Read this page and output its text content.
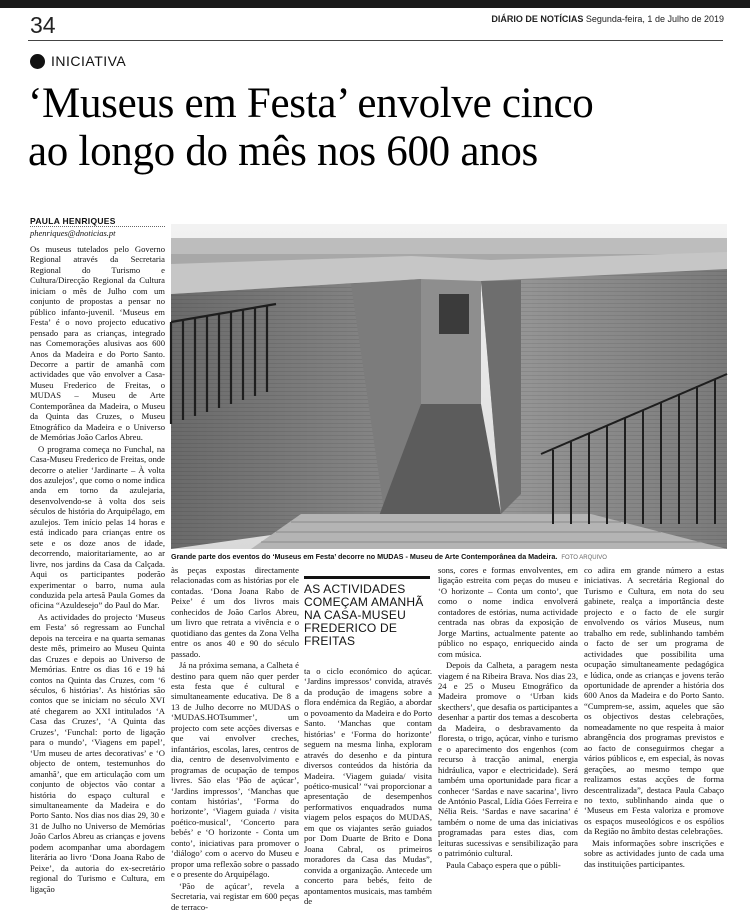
34	DIÁRIO DE NOTÍCIAS Segunda-feira, 1 de Julho de 2019
INICIATIVA
‘Museus em Festa’ envolve cinco
ao longo do mês nos 600 anos
PAULA HENRIQUES
phenriques@dnoticias.pt

Os museus tutelados pelo Governo Regional através da Secretaria Regional do Turismo e Cultura/Direcção Regional da Cultura iniciam o mês de Julho com um conjunto de propostas a pensar no público infanto-juvenil. ‘Museus em Festa’ é o novo projecto educativo pensado para as crianças, integrado nas Comemorações alusivas aos 600 Anos da Madeira e do Porto Santo. Decorre a partir de amanhã com actividades que vão envolver a Casa-Museu Frederico de Freitas, o MUDAS – Museu de Arte Contemporânea da Madeira, o Museu da Quinta das Cruzes, o Museu Etnográfico da Madeira e o Universo de Memórias João Carlos Abreu.

O programa começa no Funchal, na Casa-Museu Frederico de Freitas, onde decorre o atelier ‘Jardinarte – À volta dos azulejos’, que como o nome indica anda em torno da azulejaria, desenvolvendo-se à volta dos seis séculos de história do Arquipélago, em azulejos. Tem início pelas 14 horas e está indicado para crianças entre os sete e os doze anos de idade, decorrendo, maioritariamente, ao ar livre, nos jardins da Casa da Calçada. Aqui os participantes poderão experimentar o barro, numa aula conduzida pela artesã Paula Gomes da oficina “Azuldesejo” do Paul do Mar.

As actividades do projecto ‘Museus em Festa’ só regressam ao Funchal depois na terceira e na quarta semanas deste mês, primeiro ao Museu Quinta das Cruzes e depois ao Universo de Memórias. Entre os dias 16 e 19 há contos na Quinta das Cruzes, com ‘6 séculos, 6 histórias’. As histórias são contos que se iniciam no século XVI até chegarem ao XXI intitulados ‘A Casa das Cruzes’, ‘A Quinta das Cruzes’, ‘Funchal: porto de ligação para o mundo’, ‘Viagens em papel’, ‘Um museu de artes decorativas’ e ‘O objecto de ontem, testemunhos do amanhã’, que em articulação com um conjunto de objectos vão contar a história do espaço cultural e simultaneamente da Madeira e do Porto Santo. Nos dias nos dias 29, 30 e 31 de Julho no Universo de Memórias João Carlos Abreu as crianças e jovens podem acompanhar uma abordagem literária ao livro ‘Dona Joana Rabo de Peixe’, da autoria do ex-secretário regional do Turismo e Cultura, em ligação

Grande parte dos eventos do ‘Museus em Festa’ decorre no MUDAS - Museu de Arte Contemporânea da Madeira. FOTO ARQUIVO

às peças expostas directamente relacionadas com as histórias por ele contadas. ‘Dona Joana Rabo de Peixe’ é um dos livros mais conhecidos de João Carlos Abreu, um livro que retrata a vivência e o quotidiano das gentes da Zona Velha entre os anos 40 e 90 do século passado.

Já na próxima semana, a Calheta é destino para quem não quer perder esta festa que é cultural e simultaneamente educativa. De 8 a 13 de Julho decorre no MUDAS o ‘MUDAS.HOTsummer’, um projecto com sete acções diversas e que vai envolver creches, infantários, escolas, lares, centros de dia, centro de desenvolvimento e programas de ocupação de tempos livres. São elas ‘Pão de açúcar’, ‘Jardins impressos’, ‘Manchas que contam histórias’, ‘Forma do horizonte’, ‘Viagem guiada / visita poético-musical’, ‘Concerto para bebés’ e ‘O horizonte - Conta um conto’, iniciativas para promover o ‘diálogo’ com o acervo do Museu e propor uma reflexão sobre o passado e o presente do Arquipélago.

‘Pão de açúcar’, revela a Secretaria, vai registar em 600 peças de terraco-

AS ACTIVIDADES COMEÇAM AMANHÃ NA CASA-MUSEU FREDERICO DE FREITAS

ta o ciclo económico do açúcar. ‘Jardins impressos’ convida, através da produção de imagens sobre a flora endémica da Região, a abordar o povoamento da Madeira e do Porto Santo. ‘Manchas que contam histórias’ e ‘Forma do horizonte’ seguem na mesma linha, exploram através do desenho e da pintura diversos conteúdos da história da Madeira. ‘Viagem guiada/ visita poético-musical’ “vai proporcionar a apresentação de desempenhos performativos enquadrados numa viagem pelos espaços do MUDAS, em que os viajantes serão guiados por Dom Duarte de Brito e Dona Joana Cabral, os primeiros moradores da Casa das Mudas”, convida a organização. Antecede um concerto para bebés, feito de apontamentos musicais, mas também de

sons, cores e formas envolventes, em ligação estreita com peças do museu e ‘O horizonte – Conta um conto’, que como o nome indica envolverá contadores de estórias, numa actividade centrada nas obras da exposição de Jorge Martins, actualmente patente ao público no espaço, enriquecido ainda com música.

Depois da Calheta, a paragem nesta viagem é na Ribeira Brava. Nos dias 23, 24 e 25 o Museu Etnográfico da Madeira promove o ‘Urban kids skecthers’, que desafia os participantes a desenhar a partir dos temas a descoberta da Madeira, o desbravamento da floresta, o trigo, açúcar, vinho e turismo e o aparecimento dos engenhos (com recurso à tracção animal, energia hidráulica, vapor e electricidade). Será também uma oportunidade para ficar a conhecer ‘Sardas e nave sacarina’, livro de António Pascal, Lídia Góes Ferreira e Nélia Reis. ‘Sardas e nave sacarina’ é também o nome de uma das iniciativas programadas para estes dias, com leituras sucessivas e sensibilização para o património cultural.

Paula Cabaço espera que o públi-

co adira em grande número a estas iniciativas. A secretária Regional do Turismo e Cultura, em nota do seu gabinete, realça a importância deste projecto e o facto de ele surgir envolvendo os vários Museus, num trabalho em rede, sublinhando também o facto de ser um programa de actividades que possibilita uma ocupação simultaneamente pedagógica e lúdica, onde as crianças e jovens terão oportunidade de aprender a história dos 600 Anos da Madeira e do Porto Santo. “Cumprem-se, assim, aqueles que são os objectivos destas celebrações, nomeadamente no que respeita à maior abrangência dos programas previstos e ao facto de conseguirmos chegar a vários públicos e, em especial, às novas gerações, ao mesmo tempo que realizamos estas acções de forma descentralizada”, destaca Paula Cabaço no texto, sublinhando ainda que o ‘Museus em Festa valoriza e promove os espaços museológicos e os espólios da Região no âmbito destas celebrações.

Mais informações sobre inscrições e sobre as actividades junto de cada uma das instituições participantes.
